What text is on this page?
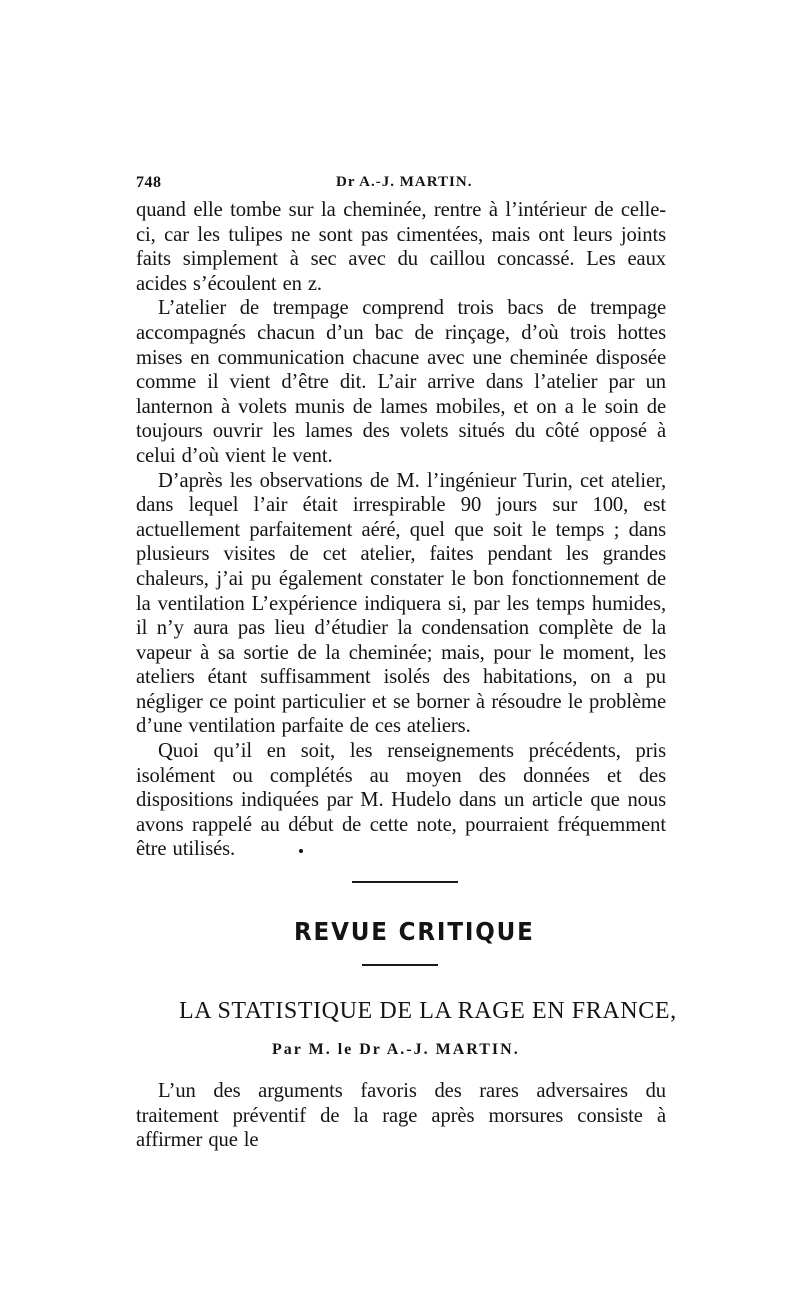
748	Dr A.-J. MARTIN.

quand elle tombe sur la cheminée, rentre à l’intérieur de celle-ci, car les tulipes ne sont pas cimentées, mais ont leurs joints faits simplement à sec avec du caillou concassé. Les eaux acides s’écoulent en z.

L’atelier de trempage comprend trois bacs de trempage accompagnés chacun d’un bac de rinçage, d’où trois hottes mises en communication chacune avec une cheminée disposée comme il vient d’être dit. L’air arrive dans l’atelier par un lanternon à volets munis de lames mobiles, et on a le soin de toujours ouvrir les lames des volets situés du côté opposé à celui d’où vient le vent.

D’après les observations de M. l’ingénieur Turin, cet atelier, dans lequel l’air était irrespirable 90 jours sur 100, est actuellement parfaitement aéré, quel que soit le temps ; dans plusieurs visites de cet atelier, faites pendant les grandes chaleurs, j’ai pu également constater le bon fonctionnement de la ventilation L’expérience indiquera si, par les temps humides, il n’y aura pas lieu d’étudier la condensation complète de la vapeur à sa sortie de la cheminée; mais, pour le moment, les ateliers étant suffisamment isolés des habitations, on a pu négliger ce point particulier et se borner à résoudre le problème d’une ventilation parfaite de ces ateliers.

Quoi qu’il en soit, les renseignements précédents, pris isolément ou complétés au moyen des données et des dispositions indiquées par M. Hudelo dans un article que nous avons rappelé au début de cette note, pourraient fréquemment être utilisés.

REVUE CRITIQUE
LA STATISTIQUE DE LA RAGE EN FRANCE,
Par M. le Dr A.-J. MARTIN.

L’un des arguments favoris des rares adversaires du traitement préventif de la rage après morsures consiste à affirmer que le
